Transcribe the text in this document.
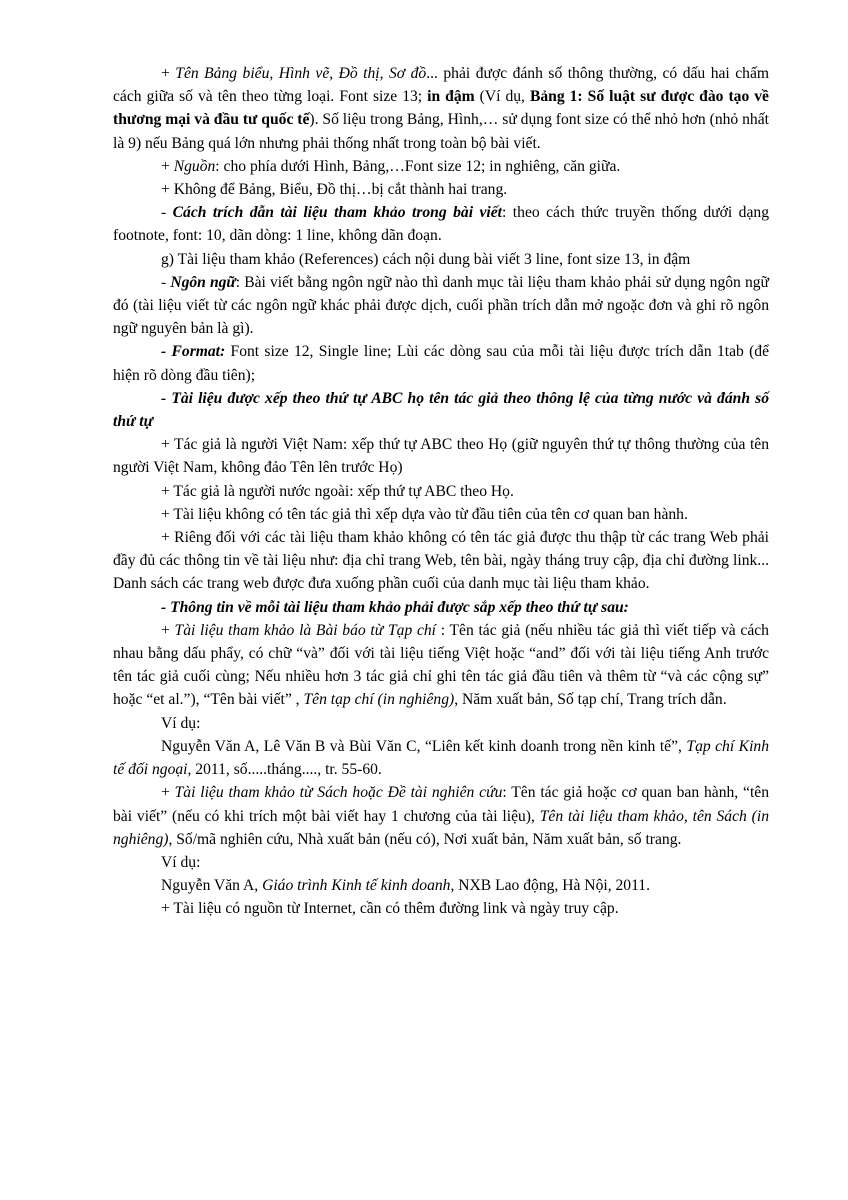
+ Tên Bảng biểu, Hình vẽ, Đồ thị, Sơ đồ... phải được đánh số thông thường, có dấu hai chấm cách giữa số và tên theo từng loại. Font size 13; in đậm (Ví dụ, Bảng 1: Số luật sư được đào tạo về thương mại và đầu tư quốc tế). Số liệu trong Bảng, Hình,… sử dụng font size có thể nhỏ hơn (nhỏ nhất là 9) nếu Bảng quá lớn nhưng phải thống nhất trong toàn bộ bài viết.

+ Nguồn: cho phía dưới Hình, Bảng,…Font size 12; in nghiêng, căn giữa.

+ Không để Bảng, Biểu, Đồ thị…bị cắt thành hai trang.

- Cách trích dẫn tài liệu tham khảo trong bài viết: theo cách thức truyền thống dưới dạng footnote, font: 10, dãn dòng: 1 line, không dãn đoạn.

g) Tài liệu tham khảo (References) cách nội dung bài viết 3 line, font size 13, in đậm

- Ngôn ngữ: Bài viết bằng ngôn ngữ nào thì danh mục tài liệu tham khảo phải sử dụng ngôn ngữ đó (tài liệu viết từ các ngôn ngữ khác phải được dịch, cuối phần trích dẫn mở ngoặc đơn và ghi rõ ngôn ngữ nguyên bản là gì).

- Format: Font size 12, Single line; Lùi các dòng sau của mỗi tài liệu được trích dẫn 1tab (để hiện rõ dòng đầu tiên);

- Tài liệu được xếp theo thứ tự ABC họ tên tác giả theo thông lệ của từng nước và đánh số thứ tự

+ Tác giả là người Việt Nam: xếp thứ tự ABC theo Họ (giữ nguyên thứ tự thông thường của tên người Việt Nam, không đảo Tên lên trước Họ)

+ Tác giả là người nước ngoài: xếp thứ tự ABC theo Họ.

+ Tài liệu không có tên tác giả thì xếp dựa vào từ đầu tiên của tên cơ quan ban hành.

+ Riêng đối với các tài liệu tham khảo không có tên tác giả được thu thập từ các trang Web phải đầy đủ các thông tin về tài liệu như: địa chỉ trang Web, tên bài, ngày tháng truy cập, địa chỉ đường link... Danh sách các trang web được đưa xuống phần cuối của danh mục tài liệu tham khảo.

- Thông tin về mỗi tài liệu tham khảo phải được sắp xếp theo thứ tự sau:

+ Tài liệu tham khảo là Bài báo từ Tạp chí : Tên tác giả (nếu nhiều tác giả thì viết tiếp và cách nhau bằng dấu phẩy, có chữ “và” đối với tài liệu tiếng Việt hoặc “and” đối với tài liệu tiếng Anh trước tên tác giả cuối cùng; Nếu nhiều hơn 3 tác giả chỉ ghi tên tác giả đầu tiên và thêm từ “và các cộng sự” hoặc “et al.”), “Tên bài viết” , Tên tạp chí (in nghiêng), Năm xuất bản, Số tạp chí, Trang trích dẫn.

Ví dụ:

Nguyễn Văn A, Lê Văn B và Bùi Văn C, “Liên kết kinh doanh trong nền kinh tế”, Tạp chí Kinh tế đối ngoại, 2011, số.....tháng...., tr. 55-60.

+ Tài liệu tham khảo từ Sách hoặc Đề tài nghiên cứu: Tên tác giả hoặc cơ quan ban hành, “tên bài viết” (nếu có khi trích một bài viết hay 1 chương của tài liệu), Tên tài liệu tham khảo, tên Sách (in nghiêng), Số/mã nghiên cứu, Nhà xuất bản (nếu có), Nơi xuất bản, Năm xuất bản, số trang.

Ví dụ:

Nguyễn Văn A, Giáo trình Kinh tế kinh doanh, NXB Lao động, Hà Nội, 2011.

+ Tài liệu có nguồn từ Internet, cần có thêm đường link và ngày truy cập.
